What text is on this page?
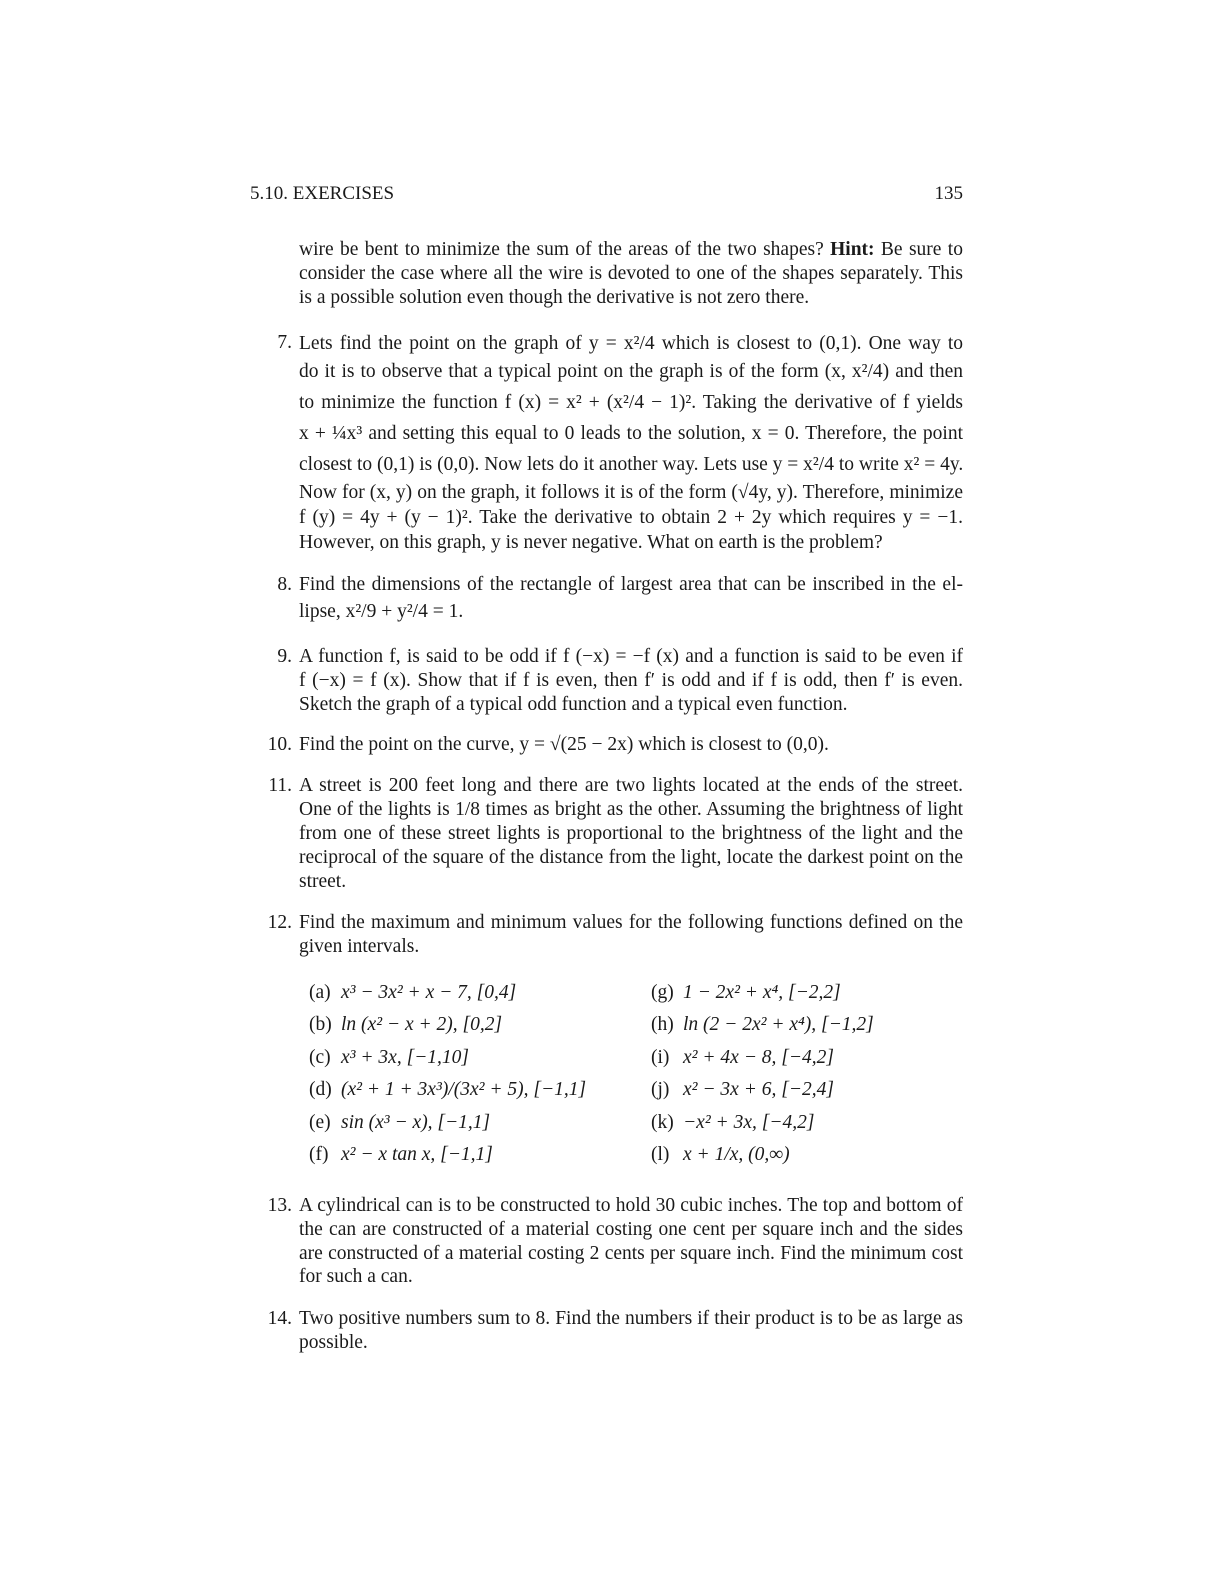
5.10. EXERCISES	135

wire be bent to minimize the sum of the areas of the two shapes? Hint: Be sure to consider the case where all the wire is devoted to one of the shapes separately. This is a possible solution even though the derivative is not zero there.

7. Lets find the point on the graph of y = x²/4 which is closest to (0,1). One way to
do it is to observe that a typical point on the graph is of the form (x, x²/4) and then
to minimize the function f (x) = x² + (x²/4 − 1)². Taking the derivative of f yields
x + ¼x³ and setting this equal to 0 leads to the solution, x = 0. Therefore, the point
closest to (0,1) is (0,0). Now lets do it another way. Lets use y = x²/4 to write x² = 4y.
Now for (x, y) on the graph, it follows it is of the form (√4y, y). Therefore, minimize
f (y) = 4y + (y − 1)². Take the derivative to obtain 2 + 2y which requires y = −1.
However, on this graph, y is never negative. What on earth is the problem?
8. Find the dimensions of the rectangle of largest area that can be inscribed in the el-
lipse, x²/9 + y²/4 = 1.
9. A function f, is said to be odd if f (−x) = −f (x) and a function is said to be even if
f (−x) = f (x). Show that if f is even, then f′ is odd and if f is odd, then f′ is even.
Sketch the graph of a typical odd function and a typical even function.
10. Find the point on the curve, y = √(25 − 2x) which is closest to (0,0).
11. A street is 200 feet long and there are two lights located at the ends of the street.
One of the lights is 1/8 times as bright as the other. Assuming the brightness of light
from one of these street lights is proportional to the brightness of the light and the
reciprocal of the square of the distance from the light, locate the darkest point on the
street.
12. Find the maximum and minimum values for the following functions defined on the
given intervals.
(a) x³ − 3x² + x − 7, [0,4]	(g) 1 − 2x² + x⁴, [−2,2]
(b) ln (x² − x + 2), [0,2]	(h) ln (2 − 2x² + x⁴), [−1,2]
(c) x³ + 3x, [−1,10]	(i) x² + 4x − 8, [−4,2]
(d) (x² + 1 + 3x³)/(3x² + 5), [−1,1]	(j) x² − 3x + 6, [−2,4]
(e) sin (x³ − x), [−1,1]	(k) −x² + 3x, [−4,2]
(f) x² − x tan x, [−1,1]	(l) x + 1/x, (0,∞)
13. A cylindrical can is to be constructed to hold 30 cubic inches. The top and bottom of
the can are constructed of a material costing one cent per square inch and the sides
are constructed of a material costing 2 cents per square inch. Find the minimum cost
for such a can.
14. Two positive numbers sum to 8. Find the numbers if their product is to be as large as
possible.
